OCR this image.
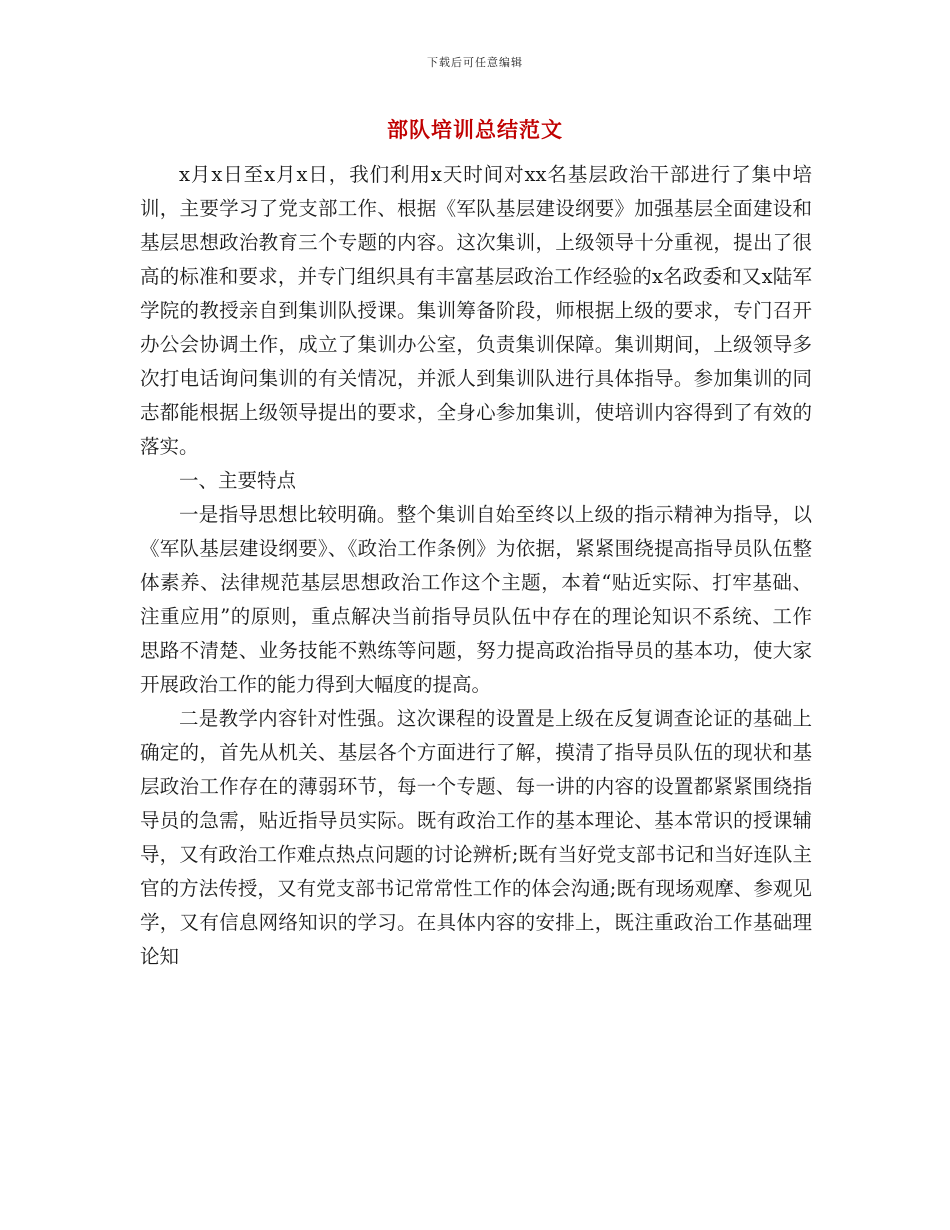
下载后可任意编辑
部队培训总结范文

x月x日至x月x日，我们利用x天时间对xx名基层政治干部进行了集中培训，主要学习了党支部工作、根据《军队基层建设纲要》加强基层全面建设和基层思想政治教育三个专题的内容。这次集训，上级领导十分重视，提出了很高的标准和要求，并专门组织具有丰富基层政治工作经验的x名政委和又x陆军学院的教授亲自到集训队授课。集训筹备阶段，师根据上级的要求，专门召开办公会协调土作，成立了集训办公室，负责集训保障。集训期间，上级领导多次打电话询问集训的有关情况，并派人到集训队进行具体指导。参加集训的同志都能根据上级领导提出的要求，全身心参加集训，使培训内容得到了有效的落实。

一、主要特点

一是指导思想比较明确。整个集训自始至终以上级的指示精神为指导，以《军队基层建设纲要》、《政治工作条例》为依据，紧紧围绕提高指导员队伍整体素养、法律规范基层思想政治工作这个主题，本着“贴近实际、打牢基础、注重应用”的原则，重点解决当前指导员队伍中存在的理论知识不系统、工作思路不清楚、业务技能不熟练等问题，努力提高政治指导员的基本功，使大家开展政治工作的能力得到大幅度的提高。

二是教学内容针对性强。这次课程的设置是上级在反复调查论证的基础上确定的，首先从机关、基层各个方面进行了解，摸清了指导员队伍的现状和基层政治工作存在的薄弱环节，每一个专题、每一讲的内容的设置都紧紧围绕指导员的急需，贴近指导员实际。既有政治工作的基本理论、基本常识的授课辅导，又有政治工作难点热点问题的讨论辨析;既有当好党支部书记和当好连队主官的方法传授，又有党支部书记常常性工作的体会沟通;既有现场观摩、参观见学，又有信息网络知识的学习。在具体内容的安排上，既注重政治工作基础理论知
